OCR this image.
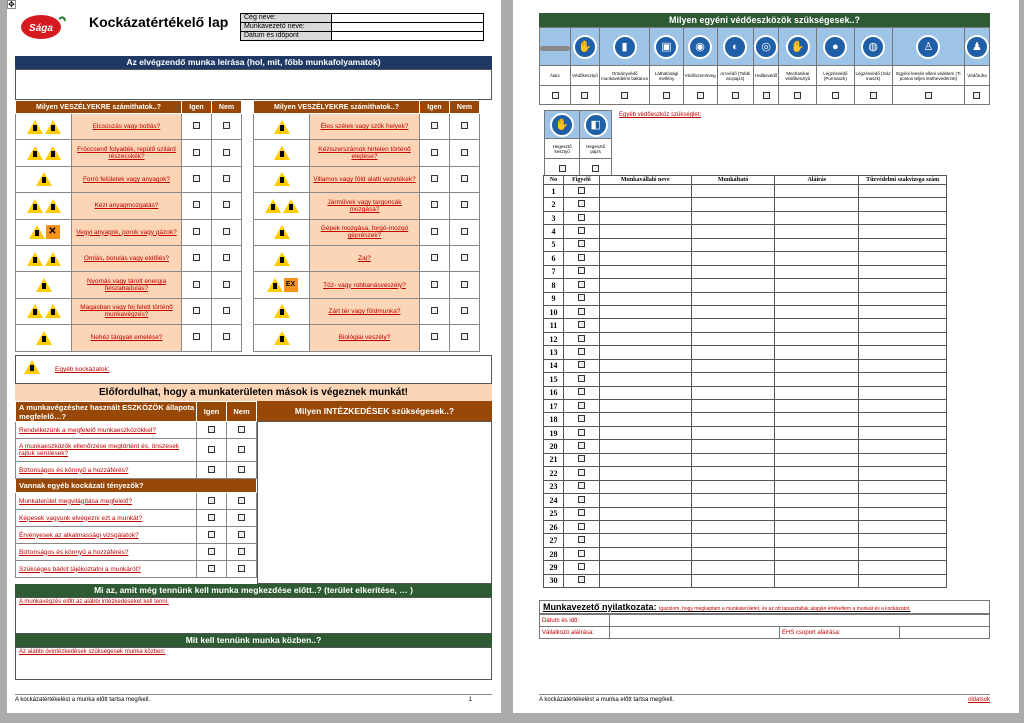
✥
Sága	Kockázatértékelő lap Cég neve:	
Munkavezető neve:	
Dátum és időpont	
Az elvégzendő munka leírása (hol, mit, főbb munkafolyamatok)
Milyen VESZÉLYEKRE számíthatok..?		Igen	Nem
	Elcsúszás vagy botlás?		
	Fröccsenő folyadék, repülő szilárd részecskék?		
	Forró felületek vagy anyagok?		
	Kézi anyagmozgatás?		
✕	Vegyi anyagok, porok vagy gázok?		
	Omlás, borulás vagy eldőlés?		
	Nyomás vagy tárolt energia felszabadulás?		
	Magasban vagy fej felett történő munkavégzés?		
	Nehéz tárgyak emelése?		
Milyen VESZÉLYEKRE számíthatok..?		Igen	Nem
	Éles szélek vagy szűk helyek?		
	Kéziszerszámok hirtelen történő elejtése?		
	Villamos vagy föld alatti vezetékek?		
	Járművek vagy targoncák mozgása?		
	Gépek mozgása, forgó-mozgó géprészek?		
	Zaj?		
EX	Tűz- vagy robbanásveszély?		
	Zárt tér vagy földmunka?		
	Biológiai veszély?		
Egyéb kockázatok:
Előfordulhat, hogy a munkaterületen mások is végeznek munkát!
A munkavégzéshez használt ESZKÖZÖK állapota megfelelő…?	Igen	Nem
Rendelkezünk a megfelelő munkaeszközökkel?		
A munkaeszközök ellenőrzése megtörtént és, önszesek rajtuk sérülések?		
Biztonságos és könnyű a hozzáférés?		
Vannak egyéb kockázati tényezők?		
Munkaterület megvilágítása megfelelő?		
Képesek vagyunk elvégezni ezt a munkát?		
Érvényesek az alkalmassági vizsgálatok?		
Biztonságos és könnyű a hozzáférés?		
Szükséges bárkit tájékoztatni a munkáról?		
Milyen INTÉZKEDÉSEK szükségesek..?
Mi az, amit még tennünk kell munka megkezdése előtt..? (terület elkerítése, … )
A munkavégzés előtt az alábbi intézkedéseket kell tenni:
Mit kell tennünk munka közben..?
Az alábbi óvintézkedések szükségesek munka közben:
A kockázatértékelést a munka előtt tartsa meg/kell.	1
Milyen egyéni védőeszközök szükségesek..?
	✋	▮	▣	◉	◐	◎	✋	●	◍	♙	♟
Álarc	Védőkesztyű	Ormányvédő munkavédelmi bakancs	Láthatósági mellény	Védőszemüveg	Arcvédő (Tobbi arcpajzs)	Hallásvédő	Mechanikai védőkesztyű	Légzésvédő (Pormaszk)	Légzésvédő (Gáz maszk)	Egyéni leesés elleni védelem (Ti pontos teljes testhevederzet)	Védőruha

✋	◧
Hegesztő kesztyű	Hegesztő pajzs

Egyéb védőeszköz szükséglet:
No	Figyelő	Munkavállaló neve	Munkáltató	Aláírás	Tűzvédelmi szakvizsga szám
1					
2					
3					
4					
5					
6					
7					
8					
9					
10					
11					
12					
13					
14					
15					
16					
17					
18					
19					
20					
21					
22					
23					
24					
25					
26					
27					
28					
29					
30					
Munkavezető nyilatkozata: Igazolom, hogy megkaptam a munkaterületet, és az ott tapasztaltak alapján értékeltem a munkát és a kockázatot.
Dátum és idő:			
Vállalkozó aláírása:		EHS csoport aláírása:	
A kockázatértékelést a munka előtt tartsa meg/kell.	oldalsok
